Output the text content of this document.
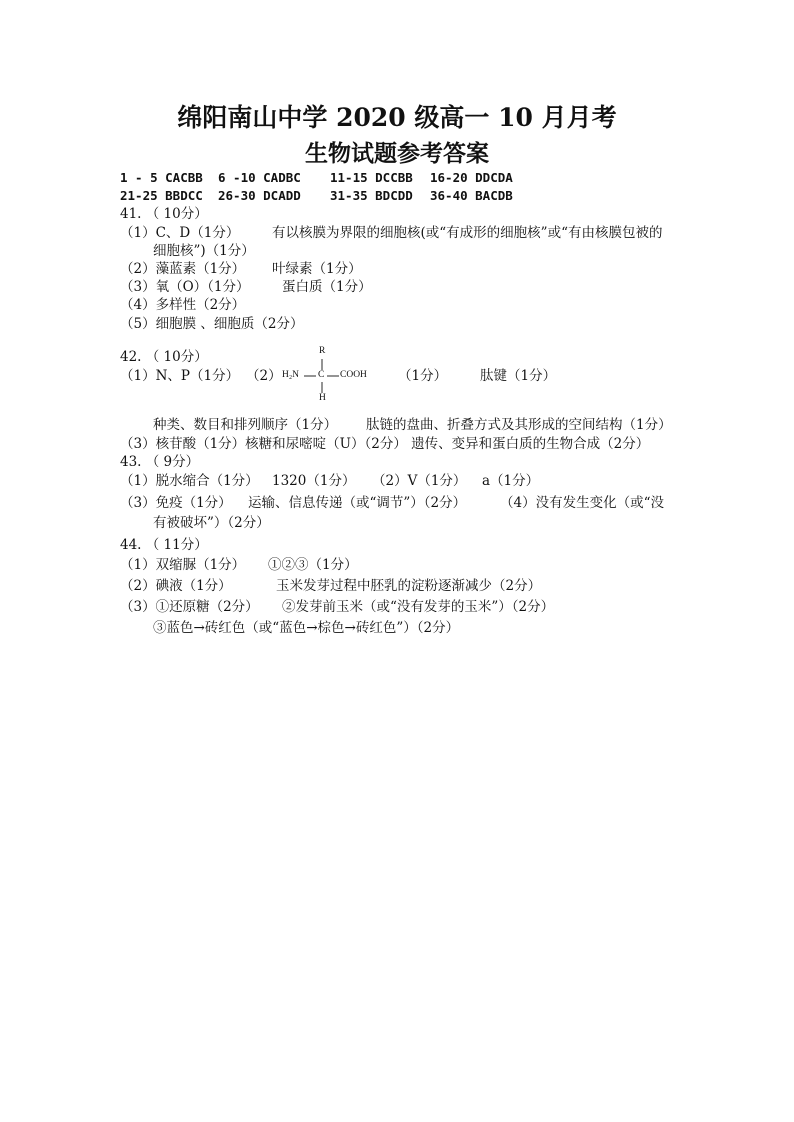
绵阳南山中学 2020 级高一 10 月月考
生物试题参考答案
1 - 5 CACBB 6 -10 CADBC 11-15 DCCBB 16-20 DDCDA
21-25 BBDCC 26-30 DCADD 31-35 BDCDD 36-40 BACDB
41. （ 10分）
（1）C、D（1分） 有以核膜为界限的细胞核(或“有成形的细胞核”或“有由核膜包被的
细胞核”)（1分）
（2）藻蓝素（1分） 叶绿素（1分）
（3）氧（O）（1分） 蛋白质（1分）
（4）多样性（2分）
（5）细胞膜 、细胞质（2分）
42. （ 10分）
（1）N、P（1分） （2）
R
H₂N C COOH
H
（1分） 肽键（1分）
种类、数目和排列顺序（1分） 肽链的盘曲、折叠方式及其形成的空间结构（1分）
（3）核苷酸（1分）核糖和尿嘧啶（U）（2分） 遗传、变异和蛋白质的生物合成（2分）
43. （ 9分）
（1）脱水缩合（1分） 1320（1分） （2）V（1分） a（1分）
（3）免疫（1分） 运输、信息传递（或“调节”）（2分）	（4）没有发生变化（或“没
有被破坏”）（2分）
44. （ 11分）
（1）双缩脲（1分） ①②③（1分）
（2）碘液（1分）	玉米发芽过程中胚乳的淀粉逐渐减少（2分）
（3）①还原糖（2分） ②发芽前玉米（或“没有发芽的玉米”）（2分）
③蓝色→砖红色（或“蓝色→棕色→砖红色”）（2分）
